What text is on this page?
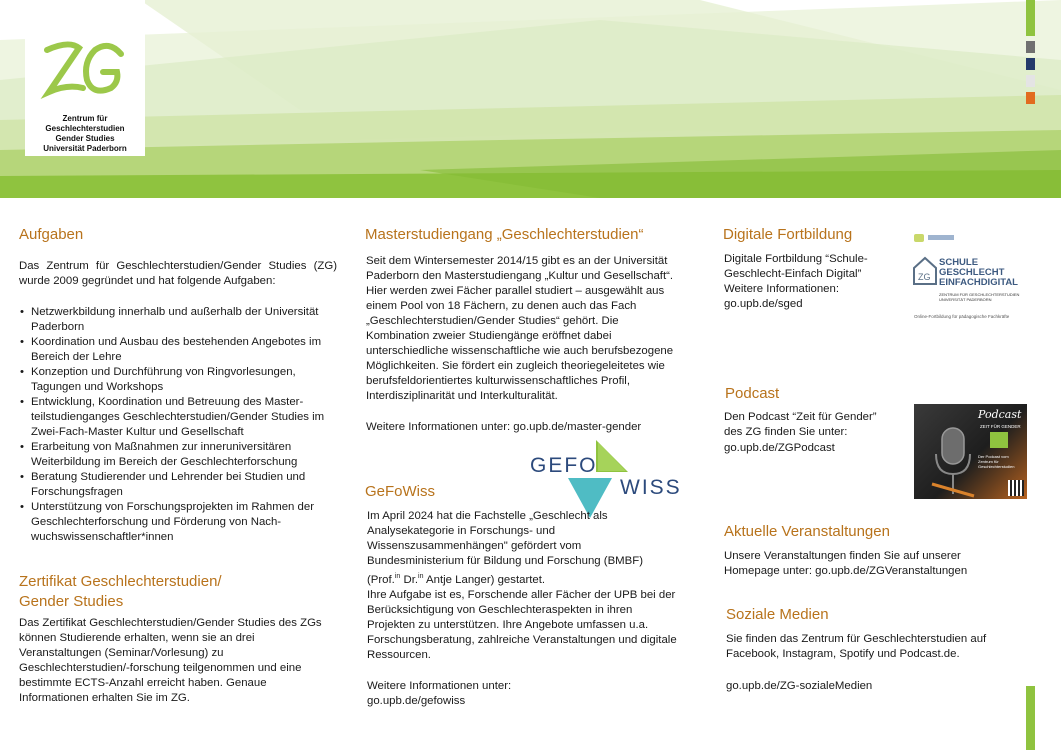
Zentrum für
Geschlechterstudien
Gender Studies
Universität Paderborn
Aufgaben
Das Zentrum für Geschlechterstudien/Gender Studies (ZG) wurde 2009 gegründet und hat folgende Aufgaben:
• Netzwerkbildung innerhalb und außerhalb der Universität Paderborn
• Koordination und Ausbau des bestehenden Angebotes im Bereich der Lehre
• Konzeption und Durchführung von Ringvorlesungen, Tagungen und Workshops
• Entwicklung, Koordination und Betreuung des Master-teilstudienganges Geschlechterstudien/Gender Studies im Zwei-Fach-Master Kultur und Gesellschaft
• Erarbeitung von Maßnahmen zur inneruniversitären Weiterbildung im Bereich der Geschlechterforschung
• Beratung Studierender und Lehrender bei Studien und Forschungsfragen
• Unterstützung von Forschungsprojekten im Rahmen der Geschlechterforschung und Förderung von Nach-wuchswissenschaftler*innen
Zertifikat Geschlechterstudien/
Gender Studies
Das Zertifikat Geschlechterstudien/Gender Studies des ZGs können Studierende erhalten, wenn sie an drei Veranstaltungen (Seminar/Vorlesung) zu Geschlechterstudien/-forschung teilgenommen und eine bestimmte ECTS-Anzahl erreicht haben. Genaue Informationen erhalten Sie im ZG.
Masterstudiengang „Geschlechterstudien“
Seit dem Wintersemester 2014/15 gibt es an der Universität Paderborn den Masterstudiengang „Kultur und Gesellschaft“. Hier werden zwei Fächer parallel studiert – ausgewählt aus einem Pool von 18 Fächern, zu denen auch das Fach „Geschlechterstudien/Gender Studies“ gehört. Die Kombination zweier Studiengänge eröffnet dabei unterschiedliche wissenschaftliche wie auch berufsbezogene Möglichkeiten. Sie fördert ein zugleich theoriegeleitetes wie berufsfeldorientiertes kulturwissenschaftliches Profil, Interdisziplinarität und Interkulturalität.
Weitere Informationen unter: go.upb.de/master-gender
GEFO
WISS
GeFoWiss
Im April 2024 hat die Fachstelle „Geschlecht als Analysekategorie in Forschungs- und Wissenszusammenhängen" gefördert vom Bundesministerium für Bildung und Forschung (BMBF) (Prof.$^{in}$ Dr.$^{in}$ Antje Langer) gestartet.
Ihre Aufgabe ist es, Forschende aller Fächer der UPB bei der Berücksichtigung von Geschlechteraspekten in ihren Projekten zu unterstützen. Ihre Angebote umfassen u.a. Forschungsberatung, zahlreiche Veranstaltungen und digitale Ressourcen.
Weitere Informationen unter:
go.upb.de/gefowiss
Digitale Fortbildung
Digitale Fortbildung “Schule-Geschlecht-Einfach Digital”
Weitere Informationen:
go.upb.de/sged
ZG
SCHULE
GESCHLECHT
EINFACHDIGITAL
ZENTRUM FÜR GESCHLECHTERSTUDIEN UNIVERSITÄT PADERBORN
Online-Fortbildung für pädagogische Fachkräfte
Podcast
Den Podcast “Zeit für Gender” des ZG finden Sie unter:
go.upb.de/ZGPodcast
Podcast
ZEIT FÜR GENDER
Der Podcast vom Zentrum für Geschlechterstudien
Aktuelle Veranstaltungen
Unsere Veranstaltungen finden Sie auf unserer Homepage unter: go.upb.de/ZGVeranstaltungen
Soziale Medien
Sie finden das Zentrum für Geschlechterstudien auf Facebook, Instagram, Spotify und Podcast.de.
go.upb.de/ZG-sozialeMedien
